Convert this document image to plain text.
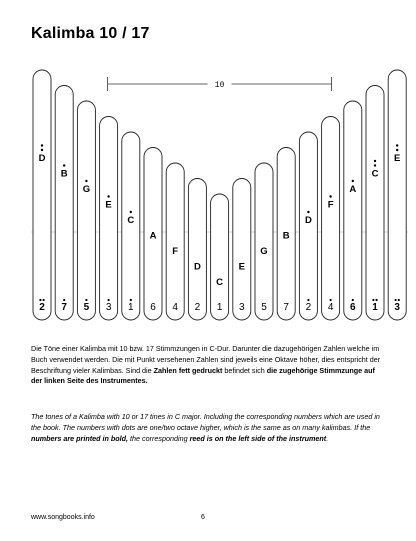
Kalimba 10 / 17
D
2
B
7
G
5
E
3
C
1
A
6
F
4
D
2
C
1
E
3
G
5
B
7
D
2
F
4
A
6
C
1
E
3
10
Die Töne einer Kalimba mit 10 bzw. 17 Stimmzungen in C-Dur. Darunter die dazugehörigen Zahlen welche im Buch verwendet werden. Die mit Punkt versehenen Zahlen sind jeweils eine Oktave höher, dies entspricht der Beschriftung vieler Kalimbas. Sind die Zahlen fett gedruckt befindet sich die zugehörige Stimmzunge auf der linken Seite des Instrumentes.
The tones of a Kalimba with 10 or 17 tines in C major. Including the corresponding numbers which are used in the book. The numbers with dots are one/two octave higher, which is the same as on many kalimbas. If the numbers are printed in bold, the corresponding reed is on the left side of the instrument.
www.songbooks.info	6
